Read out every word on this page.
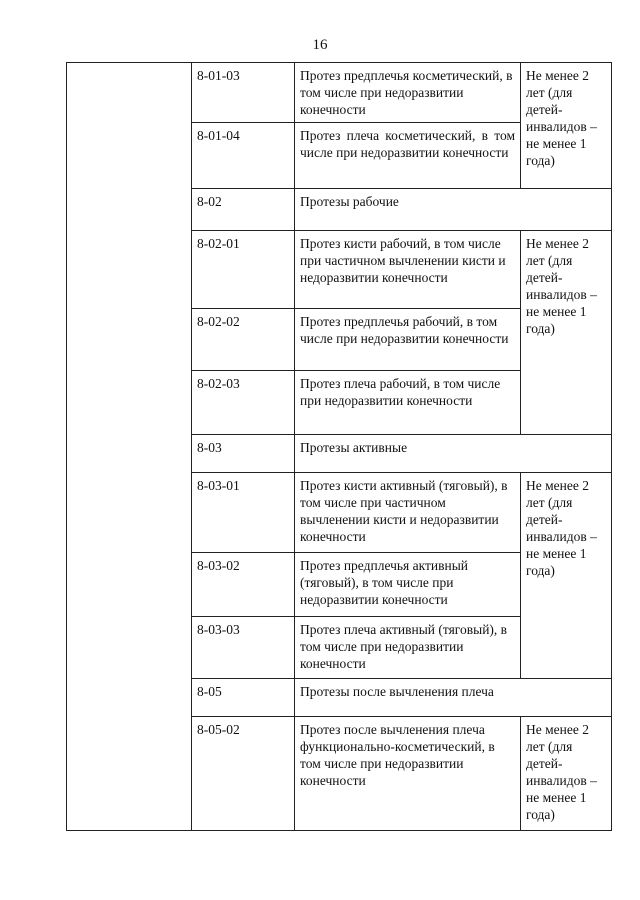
16
	8-01-03	Протез предплечья косметический, в том числе при недоразвитии конечности	Не менее 2 лет (для детей-инвалидов – не менее 1 года)
	8-01-04	Протез плеча косметический, в том числе при недоразвитии конечности	
	8-02	Протезы рабочие	
	8-02-01	Протез кисти рабочий, в том числе при частичном вычленении кисти и недоразвитии конечности	Не менее 2 лет (для детей-инвалидов – не менее 1 года)
	8-02-02	Протез предплечья рабочий, в том числе при недоразвитии конечности	
	8-02-03	Протез плеча рабочий, в том числе при недоразвитии конечности	
	8-03	Протезы активные	
	8-03-01	Протез кисти активный (тяговый), в том числе при частичном вычленении кисти и недоразвитии конечности	Не менее 2 лет (для детей-инвалидов – не менее 1 года)
	8-03-02	Протез предплечья активный (тяговый), в том числе при недоразвитии конечности	
	8-03-03	Протез плеча активный (тяговый), в том числе при недоразвитии конечности	
	8-05	Протезы после вычленения плеча	
	8-05-02	Протез после вычленения плеча функционально-косметический, в том числе при недоразвитии конечности	Не менее 2 лет (для детей-инвалидов – не менее 1 года)
